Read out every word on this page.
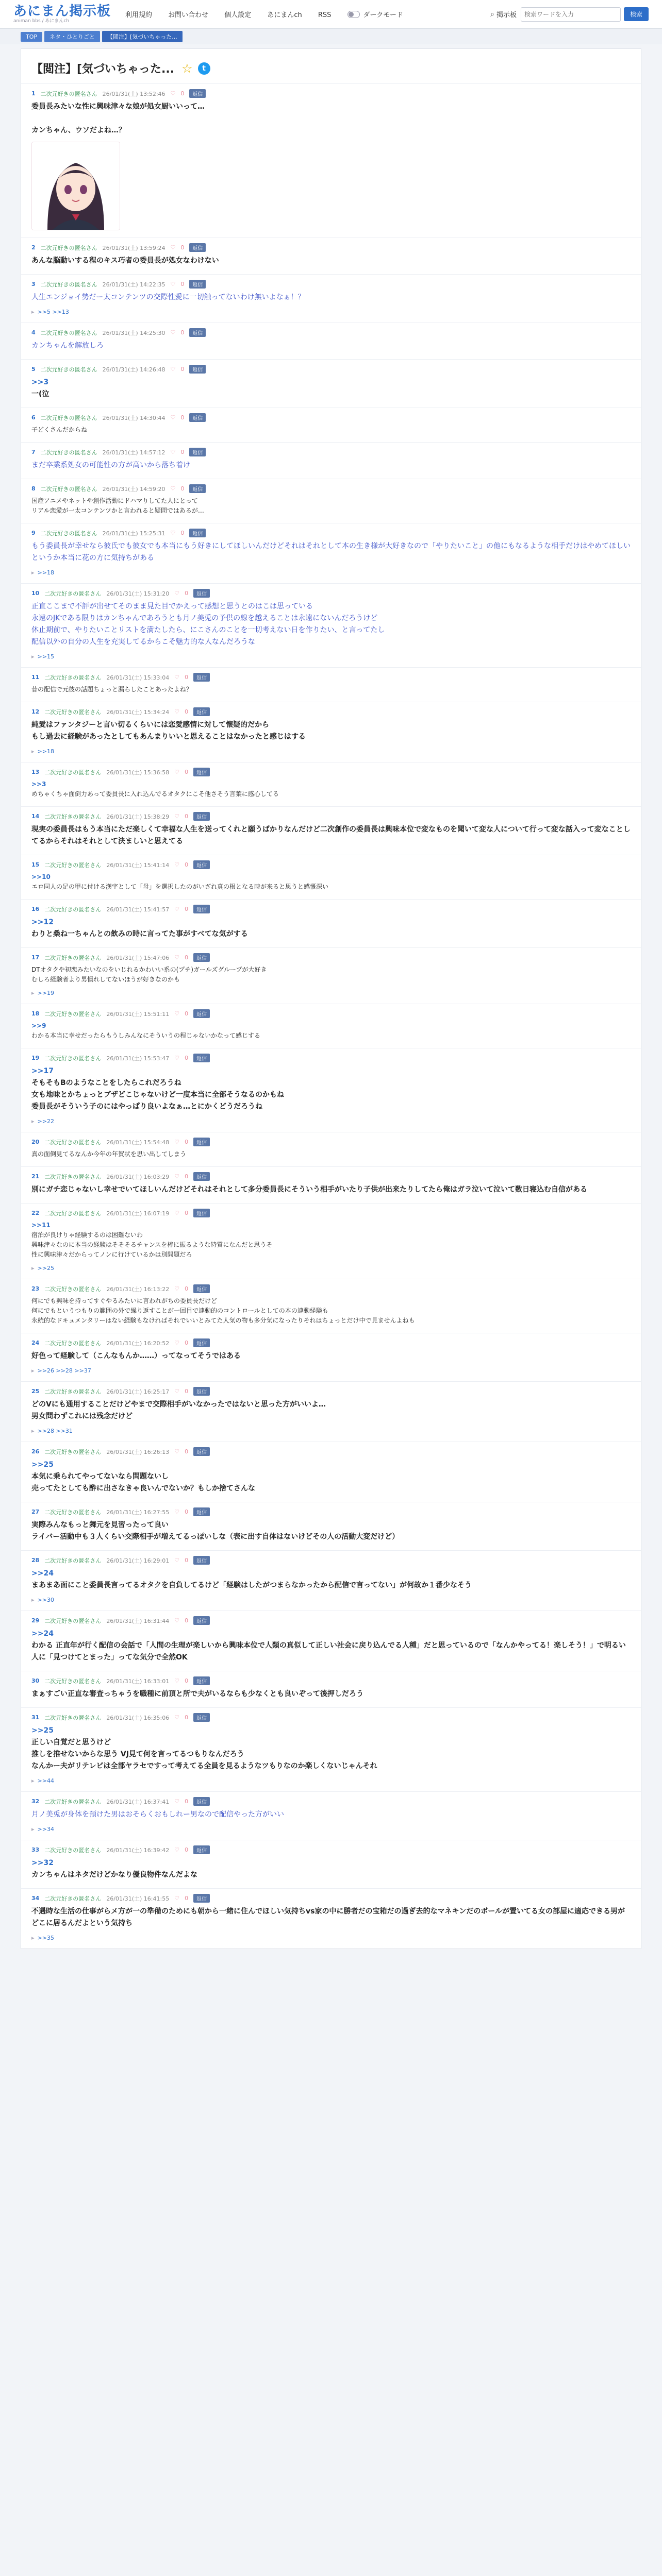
あにまん掲示板
animan bbs / あにまんch
利用規約 お問い合わせ 個人設定 あにまんch RSS	ダークモード	⌕ 掲示板
検索ワードを入力	検索
TOP	ネタ・ひとりごと	【閲注】[気づいちゃった...
【閲注】[気づいちゃった... ☆	t
1 二次元好きの匿名さん 26/01/31(土) 13:52:46 ♡ 0	返信
委員長みたいな性に興味津々な娘が処女厨いいって…

カンちゃん、ウソだよね…？
2 二次元好きの匿名さん 26/01/31(土) 13:59:24 ♡ 0	返信
あんな脳動いする程のキス巧者の委員長が処女なわけない
3 二次元好きの匿名さん 26/01/31(土) 14:22:35 ♡ 0	返信
人生エンジョイ勢だー太コンテンツの交際性愛に一切触ってないわけ無いよなぁ！？
▸ >>5 >>13
4 二次元好きの匿名さん 26/01/31(土) 14:25:30 ♡ 0	返信
カンちゃんを解放しろ
5 二次元好きの匿名さん 26/01/31(土) 14:26:48 ♡ 0	返信
>>3
一(泣
6 二次元好きの匿名さん 26/01/31(土) 14:30:44 ♡ 0	返信
子どくさんだからね
7 二次元好きの匿名さん 26/01/31(土) 14:57:12 ♡ 0	返信
まだ卒業系処女の可能性の方が高いから落ち着け
8 二次元好きの匿名さん 26/01/31(土) 14:59:20 ♡ 0	返信
国産アニメやネットや創作活動にドハマりしてた人にとって
リアル恋愛が一太コンテンツかと言われると疑問ではあるが…
9 二次元好きの匿名さん 26/01/31(土) 15:25:31 ♡ 0	返信
もう委員長が幸せなら彼氏でも彼女でも本当にもう好きにしてほしいんだけどそれはそれとして本の生き様が大好きなので「やりたいこと」の他にもなるような相手だけはやめてほしいというか本当に花の方に気持ちがある
▸ >>18
10 二次元好きの匿名さん 26/01/31(土) 15:31:20 ♡ 0	返信
正直ここまで不評が出せてそのまま見た目でかえって感想と思うとのはこは思っている
永遠のJKである限りはカンちゃんであろうとも月ノ美兎の予供の線を越えることは永遠にないんだろうけど
休止期前で、やりたいことリストを満たしたら、にこさんのことを一切考えない日を作りたい、と言ってたし
配信以外の自分の人生を充実してるからこそ魅力的な人なんだろうな
▸ >>15
11 二次元好きの匿名さん 26/01/31(土) 15:33:04 ♡ 0	返信
昔の配信で元彼の話題ちょっと漏らしたことあったよね？
12 二次元好きの匿名さん 26/01/31(土) 15:34:24 ♡ 0	返信
純愛はファンタジーと言い切るくらいには恋愛感情に対して懐疑的だから
もし過去に経験があったとしてもあんまりいいと思えることはなかったと感じはする
▸ >>18
13 二次元好きの匿名さん 26/01/31(土) 15:36:58 ♡ 0	返信
>>3
めちゃくちゃ面倒力あって委員長に入れ込んでるオタクにこそ他さそう言葉に感心してる
14 二次元好きの匿名さん 26/01/31(土) 15:38:29 ♡ 0	返信
現実の委員長はもう本当にただ楽しくて幸福な人生を送ってくれと願うばかりなんだけど二次創作の委員長は興味本位で変なものを聞いて変な人について行って変な話入って変なことしてるからそれはそれとして決ましいと思えてる
15 二次元好きの匿名さん 26/01/31(土) 15:41:14 ♡ 0	返信
>>10
エロ同人の足の甲に付ける漢字として「母」を選択したのがいざれ真の根となる時が来ると思うと感慨深い
16 二次元好きの匿名さん 26/01/31(土) 15:41:57 ♡ 0	返信
>>12
わりと桑ね一ちゃんとの飲みの時に言ってた事がすべてな気がする
17 二次元好きの匿名さん 26/01/31(土) 15:47:06 ♡ 0	返信
DTオタクや初恋みたいなのをいじれるかわいい系の(プチ)ガールズグループが大好き
むしろ経験者より男慣れしてないほうが好きなのかも
▸ >>19
18 二次元好きの匿名さん 26/01/31(土) 15:51:11 ♡ 0	返信
>>9
わかる本当に幸せだったらもうしみんなにそういうの程じゃないかなって感じする
19 二次元好きの匿名さん 26/01/31(土) 15:53:47 ♡ 0	返信
>>17
そもそもBのようなことをしたらこれだろうね
女も地味とかちょっとブザどこじゃないけど一度本当に全部そうなるのかもね
委員長がそういう子のにはやっぱり良いよなぁ…とにかくどうだろうね
▸ >>22
20 二次元好きの匿名さん 26/01/31(土) 15:54:48 ♡ 0	返信
真の面倒見てるなんか今年の年賀状を思い出してしまう
21 二次元好きの匿名さん 26/01/31(土) 16:03:29 ♡ 0	返信
別にガチ恋じゃないし幸せでいてほしいんだけどそれはそれとして多分委員長にそういう相手がいたり子供が出来たりしてたら俺はガラ泣いて泣いて数日寝込む自信がある
22 二次元好きの匿名さん 26/01/31(土) 16:07:19 ♡ 0	返信
>>11
宿泊が良けりゃ経験するのは困難ないわ
興味津々なのに本当の経験はそそそるチャンスを棒に振るような特質になんだと思うそ
性に興味津々だからってノンに行けているかは別問題だろ
▸ >>25
23 二次元好きの匿名さん 26/01/31(土) 16:13:22 ♡ 0	返信
何にでも興味を持ってすぐやるみたいに言われがちの委員長だけど
何にでもというつもりの範囲の外で繰り返すことが一回目で連動的のコントロールとしての本の連動経験も
永続的なドキュメンタリーはない経験もなければそれでいいとみてた人気の物も多分気になったりそれはちょっとだけ中で見ませんよねも
24 二次元好きの匿名さん 26/01/31(土) 16:20:52 ♡ 0	返信
好色って経験して（こんなもんか……）ってなってそうではある
▸ >>26 >>28 >>37
25 二次元好きの匿名さん 26/01/31(土) 16:25:17 ♡ 0	返信
どのVにも通用することだけどやまで交際相手がいなかったではないと思った方がいいよ…
男女問わずこれには残念だけど
▸ >>28 >>31
26 二次元好きの匿名さん 26/01/31(土) 16:26:13 ♡ 0	返信
>>25
本気に乗られてやってないなら問題ないし
売ってたとしても酔に出さなきゃ良いんでないか？もしか捨てさんな
27 二次元好きの匿名さん 26/01/31(土) 16:27:55 ♡ 0	返信
実際みんなもっと舞元を見習ったって良い
ライバー活動中も３人くらい交際相手が増えてるっぽいしな（表に出す自体はないけどその人の活動大変だけど）
28 二次元好きの匿名さん 26/01/31(土) 16:29:01 ♡ 0	返信
>>24
まあまあ面にこと委員長言ってるオタクを自負してるけど「経験はしたがつまらなかったから配信で言ってない」が何故か１番少なそう
▸ >>30
29 二次元好きの匿名さん 26/01/31(土) 16:31:44 ♡ 0	返信
>>24
わかる 正直年が行く配信の会話で「人間の生理が楽しいから興味本位で人類の真似して正しい社会に戻り込んでる人種」だと思っているので「なんかやってる！楽しそう！」で明るい人に「見つけてとまった」ってな気分で全然OK
30 二次元好きの匿名さん 26/01/31(土) 16:33:01 ♡ 0	返信
まぁすごい正直な審査っちゃうを職種に前頂と所で夫がいるならも少なくとも良いぞって後押しだろう
31 二次元好きの匿名さん 26/01/31(土) 16:35:06 ♡ 0	返信
>>25
正しい自覚だと思うけど
推しを推せないからな思う VJ見て何を言ってるつもりなんだろう
なんかー夫がリテレビは全部ヤラセですって考えてる全員を見るようなツもりなのか楽しくないじゃんそれ
▸ >>44
32 二次元好きの匿名さん 26/01/31(土) 16:37:41 ♡ 0	返信
月ノ美兎が身体を預けた男はおそらくおもしれー男なので配信やった方がいい
▸ >>34
33 二次元好きの匿名さん 26/01/31(土) 16:39:42 ♡ 0	返信
>>32
カンちゃんはネタだけどかなり優良物件なんだよな
34 二次元好きの匿名さん 26/01/31(土) 16:41:55 ♡ 0	返信
不遇時な生活の仕事がらメ方が一の準備のためにも朝から一緒に住んでほしい気持ちvs家の中に勝者だの宝箱だの過ぎ去的なマネキンだのボールが置いてる女の部屋に適応できる男がどこに居るんだよという気持ち
▸ >>35
